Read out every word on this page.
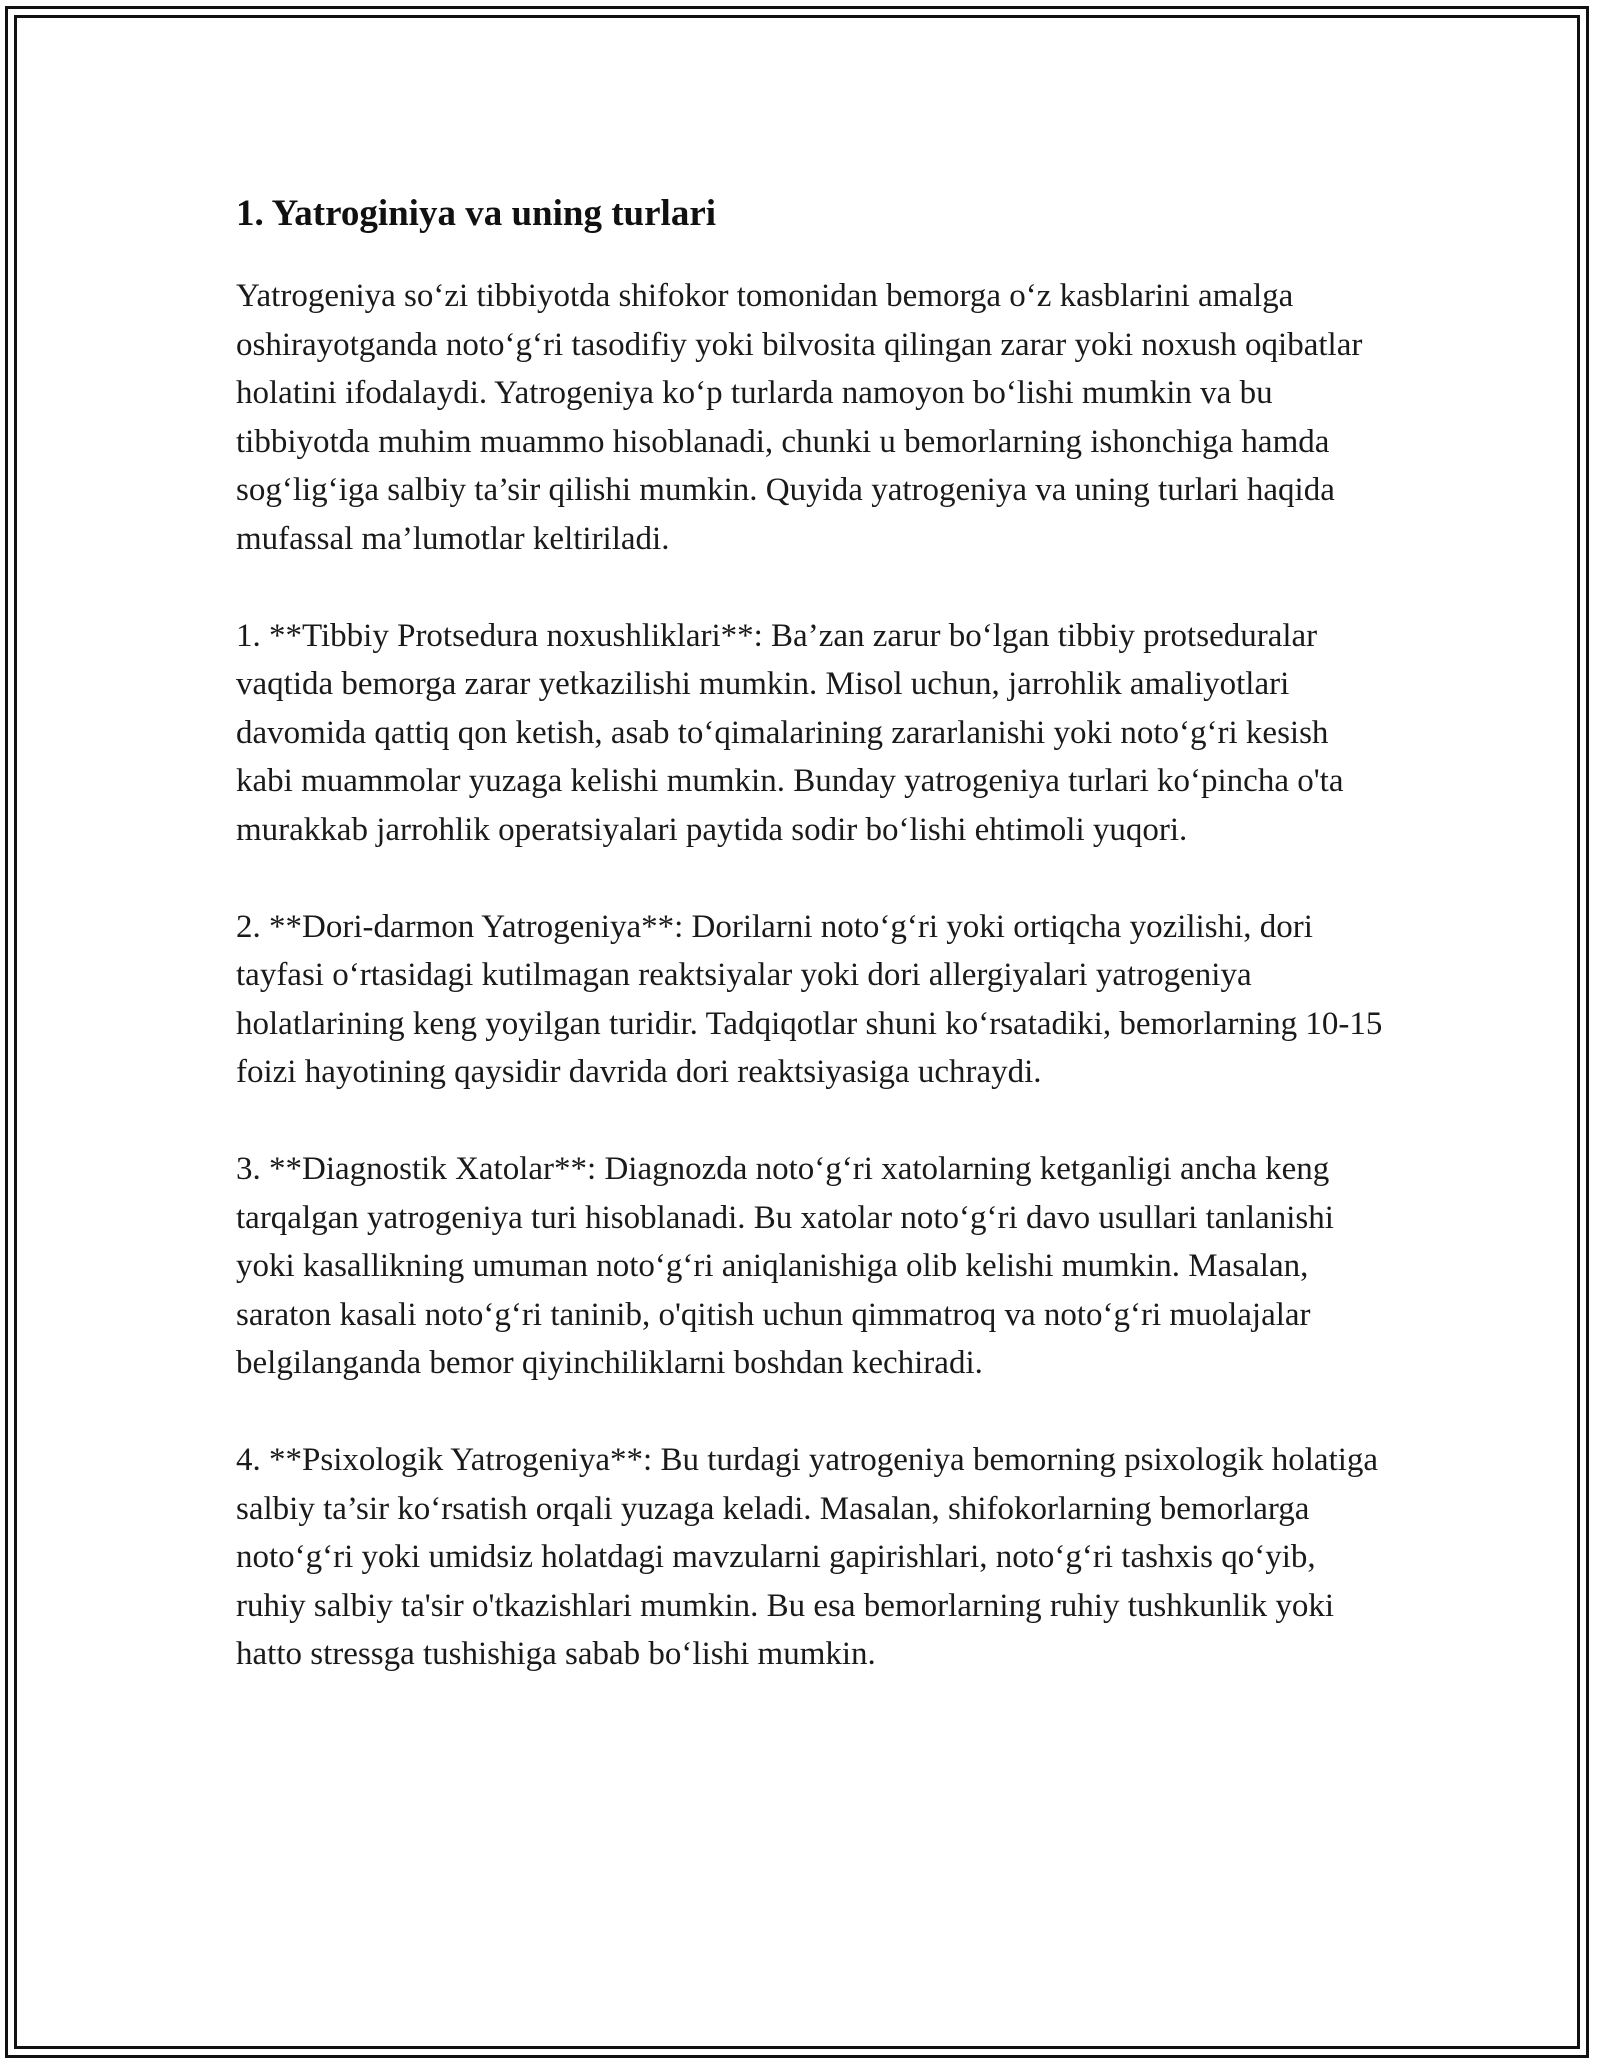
1. Yatroginiya va uning turlari

Yatrogeniya so‘zi tibbiyotda shifokor tomonidan bemorga o‘z kasblarini amalga oshirayotganda noto‘g‘ri tasodifiy yoki bilvosita qilingan zarar yoki noxush oqibatlar holatini ifodalaydi. Yatrogeniya ko‘p turlarda namoyon bo‘lishi mumkin va bu tibbiyotda muhim muammo hisoblanadi, chunki u bemorlarning ishonchiga hamda sog‘lig‘iga salbiy ta’sir qilishi mumkin. Quyida yatrogeniya va uning turlari haqida mufassal ma’lumotlar keltiriladi.

1. **Tibbiy Protsedura noxushliklari**: Ba’zan zarur bo‘lgan tibbiy protseduralar vaqtida bemorga zarar yetkazilishi mumkin. Misol uchun, jarrohlik amaliyotlari davomida qattiq qon ketish, asab to‘qimalarining zararlanishi yoki noto‘g‘ri kesish kabi muammolar yuzaga kelishi mumkin. Bunday yatrogeniya turlari ko‘pincha o'ta murakkab jarrohlik operatsiyalari paytida sodir bo‘lishi ehtimoli yuqori.

2. **Dori-darmon Yatrogeniya**: Dorilarni noto‘g‘ri yoki ortiqcha yozilishi, dori tayfasi o‘rtasidagi kutilmagan reaktsiyalar yoki dori allergiyalari yatrogeniya holatlarining keng yoyilgan turidir. Tadqiqotlar shuni ko‘rsatadiki, bemorlarning 10-15 foizi hayotining qaysidir davrida dori reaktsiyasiga uchraydi.

3. **Diagnostik Xatolar**: Diagnozda noto‘g‘ri xatolarning ketganligi ancha keng tarqalgan yatrogeniya turi hisoblanadi. Bu xatolar noto‘g‘ri davo usullari tanlanishi yoki kasallikning umuman noto‘g‘ri aniqlanishiga olib kelishi mumkin. Masalan, saraton kasali noto‘g‘ri taninib, o'qitish uchun qimmatroq va noto‘g‘ri muolajalar belgilanganda bemor qiyinchiliklarni boshdan kechiradi.

4. **Psixologik Yatrogeniya**: Bu turdagi yatrogeniya bemorning psixologik holatiga salbiy ta’sir ko‘rsatish orqali yuzaga keladi. Masalan, shifokorlarning bemorlarga noto‘g‘ri yoki umidsiz holatdagi mavzularni gapirishlari, noto‘g‘ri tashxis qo‘yib, ruhiy salbiy ta'sir o'tkazishlari mumkin. Bu esa bemorlarning ruhiy tushkunlik yoki hatto stressga tushishiga sabab bo‘lishi mumkin.
